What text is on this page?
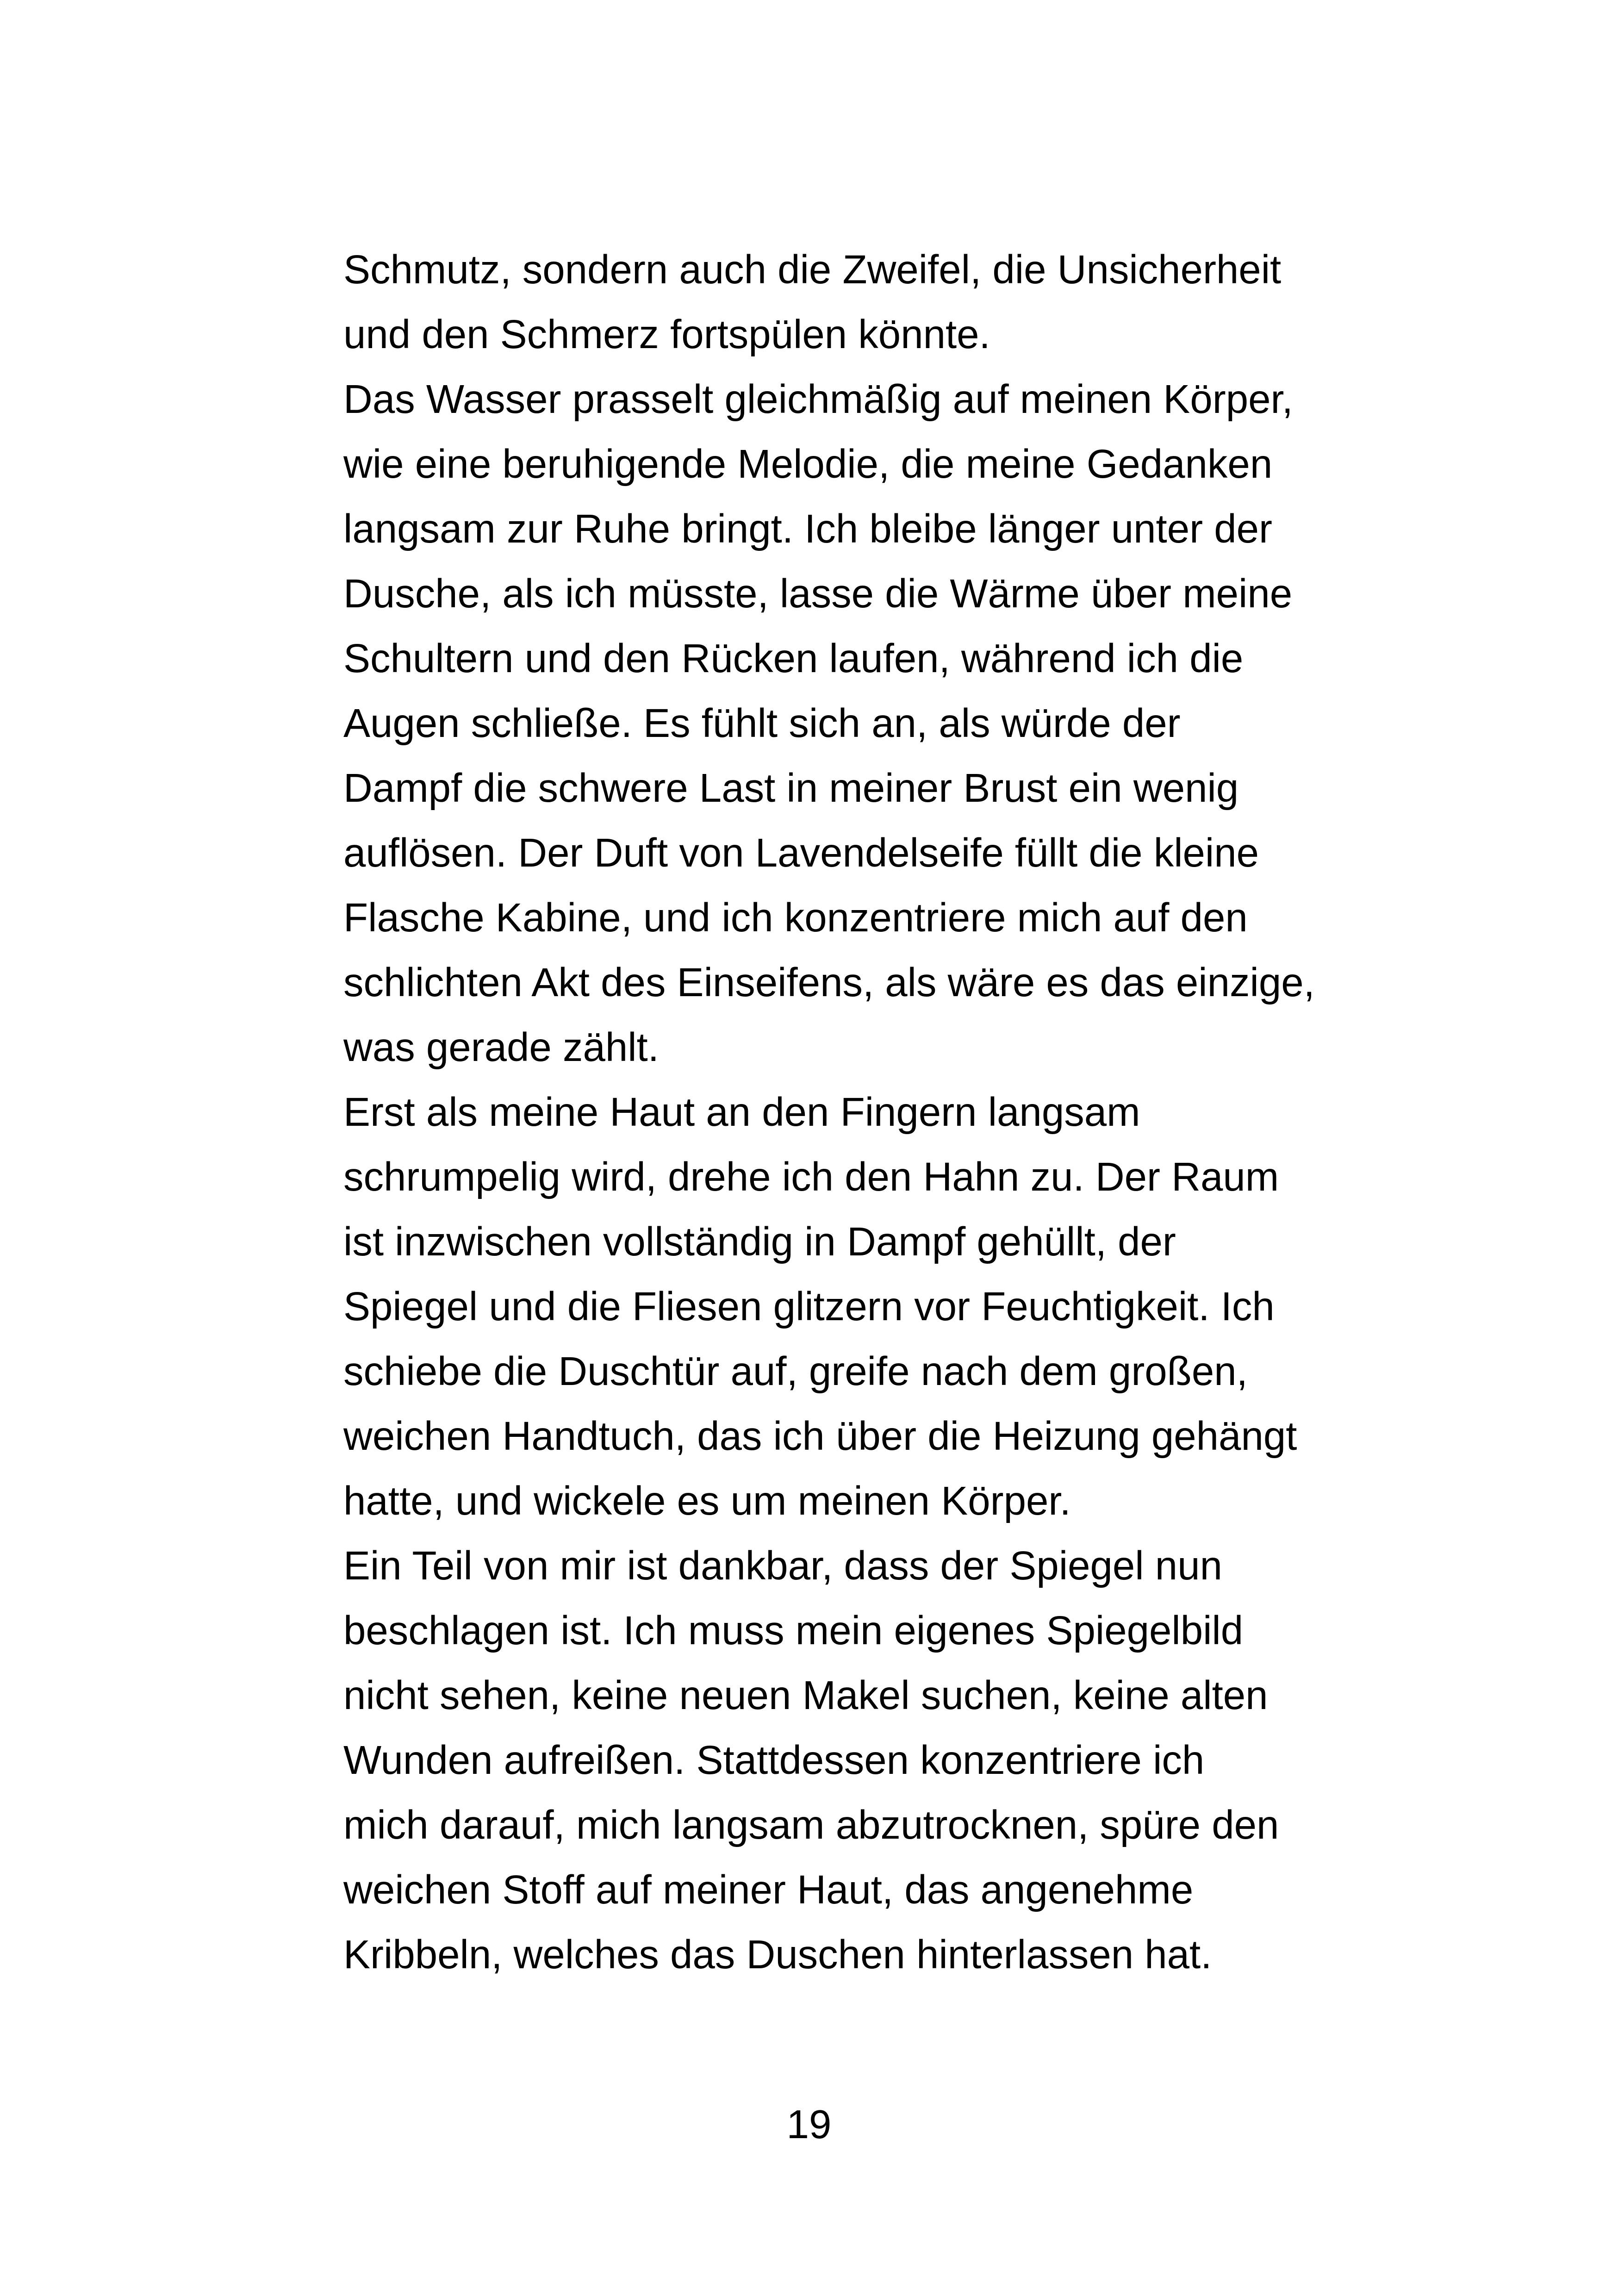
Schmutz, sondern auch die Zweifel, die Unsicherheit
und den Schmerz fortspülen könnte.
Das Wasser prasselt gleichmäßig auf meinen Körper,
wie eine beruhigende Melodie, die meine Gedanken
langsam zur Ruhe bringt. Ich bleibe länger unter der
Dusche, als ich müsste, lasse die Wärme über meine
Schultern und den Rücken laufen, während ich die
Augen schließe. Es fühlt sich an, als würde der
Dampf die schwere Last in meiner Brust ein wenig
auflösen. Der Duft von Lavendelseife füllt die kleine
Flasche Kabine, und ich konzentriere mich auf den
schlichten Akt des Einseifens, als wäre es das einzige,
was gerade zählt.
Erst als meine Haut an den Fingern langsam
schrumpelig wird, drehe ich den Hahn zu. Der Raum
ist inzwischen vollständig in Dampf gehüllt, der
Spiegel und die Fliesen glitzern vor Feuchtigkeit. Ich
schiebe die Duschtür auf, greife nach dem großen,
weichen Handtuch, das ich über die Heizung gehängt
hatte, und wickele es um meinen Körper.
Ein Teil von mir ist dankbar, dass der Spiegel nun
beschlagen ist. Ich muss mein eigenes Spiegelbild
nicht sehen, keine neuen Makel suchen, keine alten
Wunden aufreißen. Stattdessen konzentriere ich
mich darauf, mich langsam abzutrocknen, spüre den
weichen Stoff auf meiner Haut, das angenehme
Kribbeln, welches das Duschen hinterlassen hat.
19
